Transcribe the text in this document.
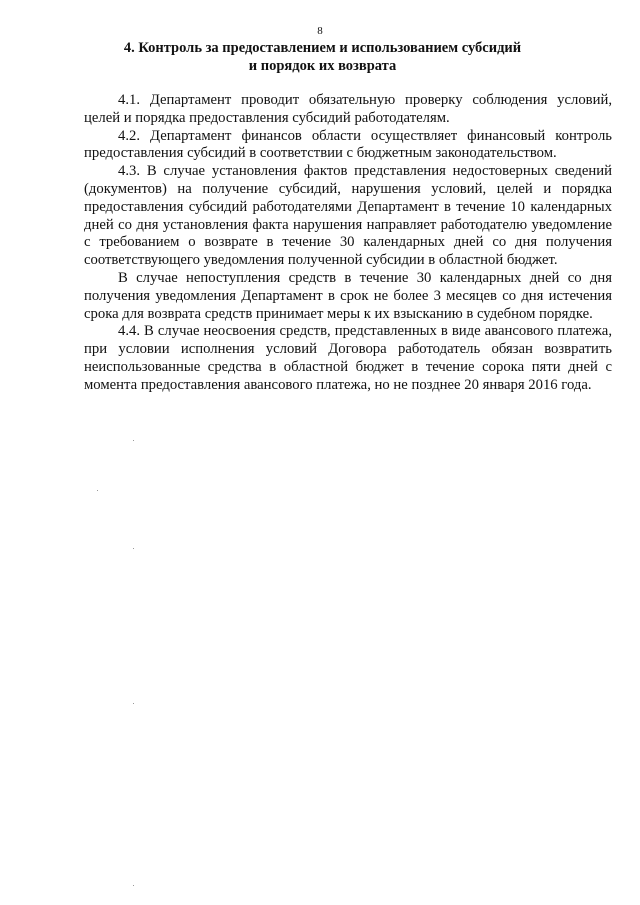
8
4. Контроль за предоставлением и использованием субсидий
и порядок их возврата

4.1. Департамент проводит обязательную проверку соблюдения условий, целей и порядка предоставления субсидий работодателям.

4.2. Департамент финансов области осуществляет финансовый контроль предоставления субсидий в соответствии с бюджетным законодательством.

4.3. В случае установления фактов представления недостоверных сведений (документов) на получение субсидий, нарушения условий, целей и порядка предоставления субсидий работодателями Департамент в течение 10 календарных дней со дня установления факта нарушения направляет работодателю уведомление с требованием о возврате в течение 30 календарных дней со дня получения соответствующего уведомления полученной субсидии в областной бюджет.

В случае непоступления средств в течение 30 календарных дней со дня получения уведомления Департамент в срок не более 3 месяцев со дня истечения срока для возврата средств принимает меры к их взысканию в судебном порядке.

4.4. В случае неосвоения средств, представленных в виде авансового платежа, при условии исполнения условий Договора работодатель обязан возвратить неиспользованные средства в областной бюджет в течение сорока пяти дней с момента предоставления авансового платежа, но не позднее 20 января 2016 года.
